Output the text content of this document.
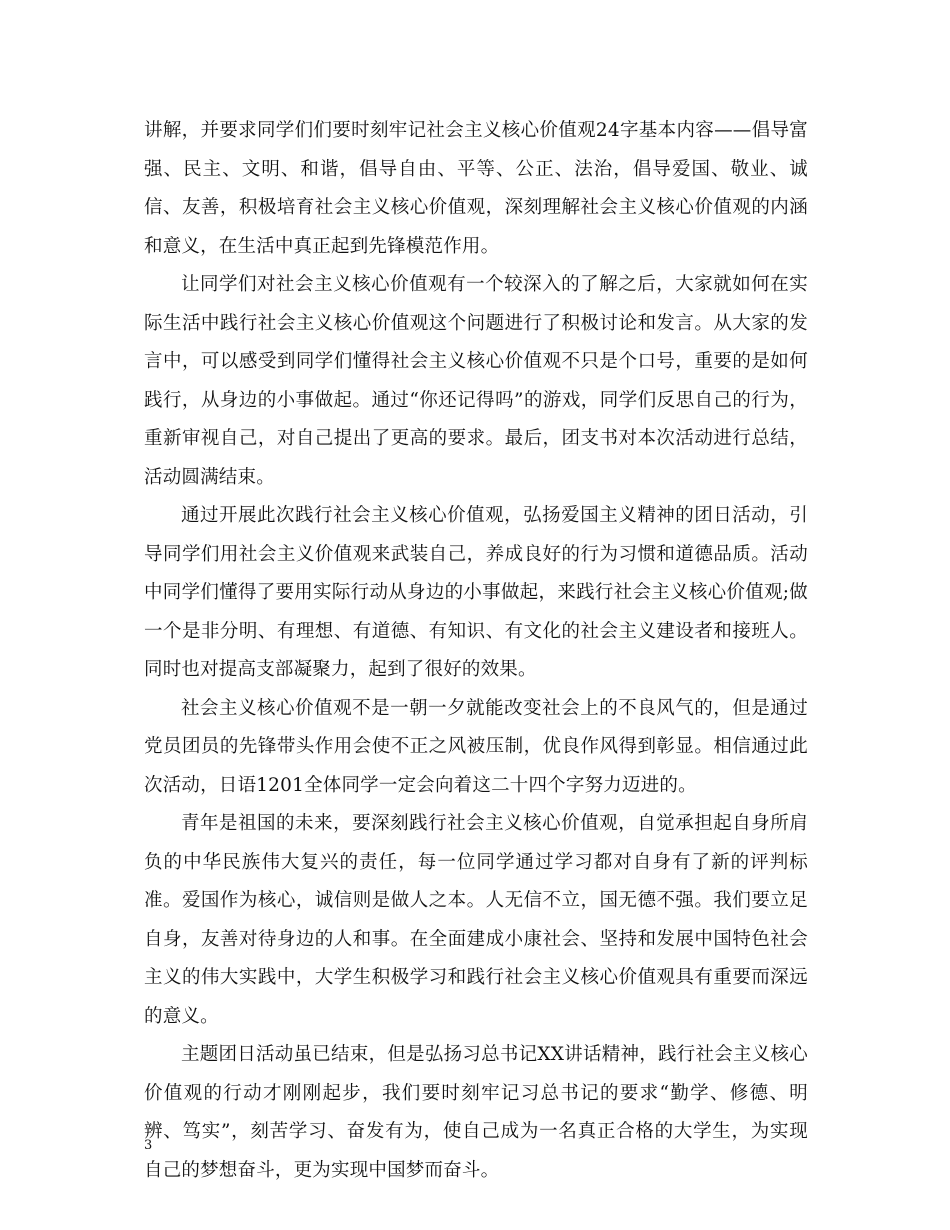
讲解，并要求同学们们要时刻牢记社会主义核心价值观24字基本内容——倡导富强、民主、文明、和谐，倡导自由、平等、公正、法治，倡导爱国、敬业、诚信、友善，积极培育社会主义核心价值观，深刻理解社会主义核心价值观的内涵和意义，在生活中真正起到先锋模范作用。

让同学们对社会主义核心价值观有一个较深入的了解之后，大家就如何在实际生活中践行社会主义核心价值观这个问题进行了积极讨论和发言。从大家的发言中，可以感受到同学们懂得社会主义核心价值观不只是个口号，重要的是如何践行，从身边的小事做起。通过“你还记得吗”的游戏，同学们反思自己的行为，重新审视自己，对自己提出了更高的要求。最后，团支书对本次活动进行总结，活动圆满结束。

通过开展此次践行社会主义核心价值观，弘扬爱国主义精神的团日活动，引导同学们用社会主义价值观来武装自己，养成良好的行为习惯和道德品质。活动中同学们懂得了要用实际行动从身边的小事做起，来践行社会主义核心价值观;做一个是非分明、有理想、有道德、有知识、有文化的社会主义建设者和接班人。同时也对提高支部凝聚力，起到了很好的效果。

社会主义核心价值观不是一朝一夕就能改变社会上的不良风气的，但是通过党员团员的先锋带头作用会使不正之风被压制，优良作风得到彰显。相信通过此次活动，日语1201全体同学一定会向着这二十四个字努力迈进的。

青年是祖国的未来，要深刻践行社会主义核心价值观，自觉承担起自身所肩负的中华民族伟大复兴的责任，每一位同学通过学习都对自身有了新的评判标准。爱国作为核心，诚信则是做人之本。人无信不立，国无德不强。我们要立足自身，友善对待身边的人和事。在全面建成小康社会、坚持和发展中国特色社会主义的伟大实践中，大学生积极学习和践行社会主义核心价值观具有重要而深远的意义。

主题团日活动虽已结束，但是弘扬习总书记XX讲话精神，践行社会主义核心价值观的行动才刚刚起步，我们要时刻牢记习总书记的要求“勤学、修德、明辨、笃实”，刻苦学习、奋发有为，使自己成为一名真正合格的大学生，为实现自己的梦想奋斗，更为实现中国梦而奋斗。

3
